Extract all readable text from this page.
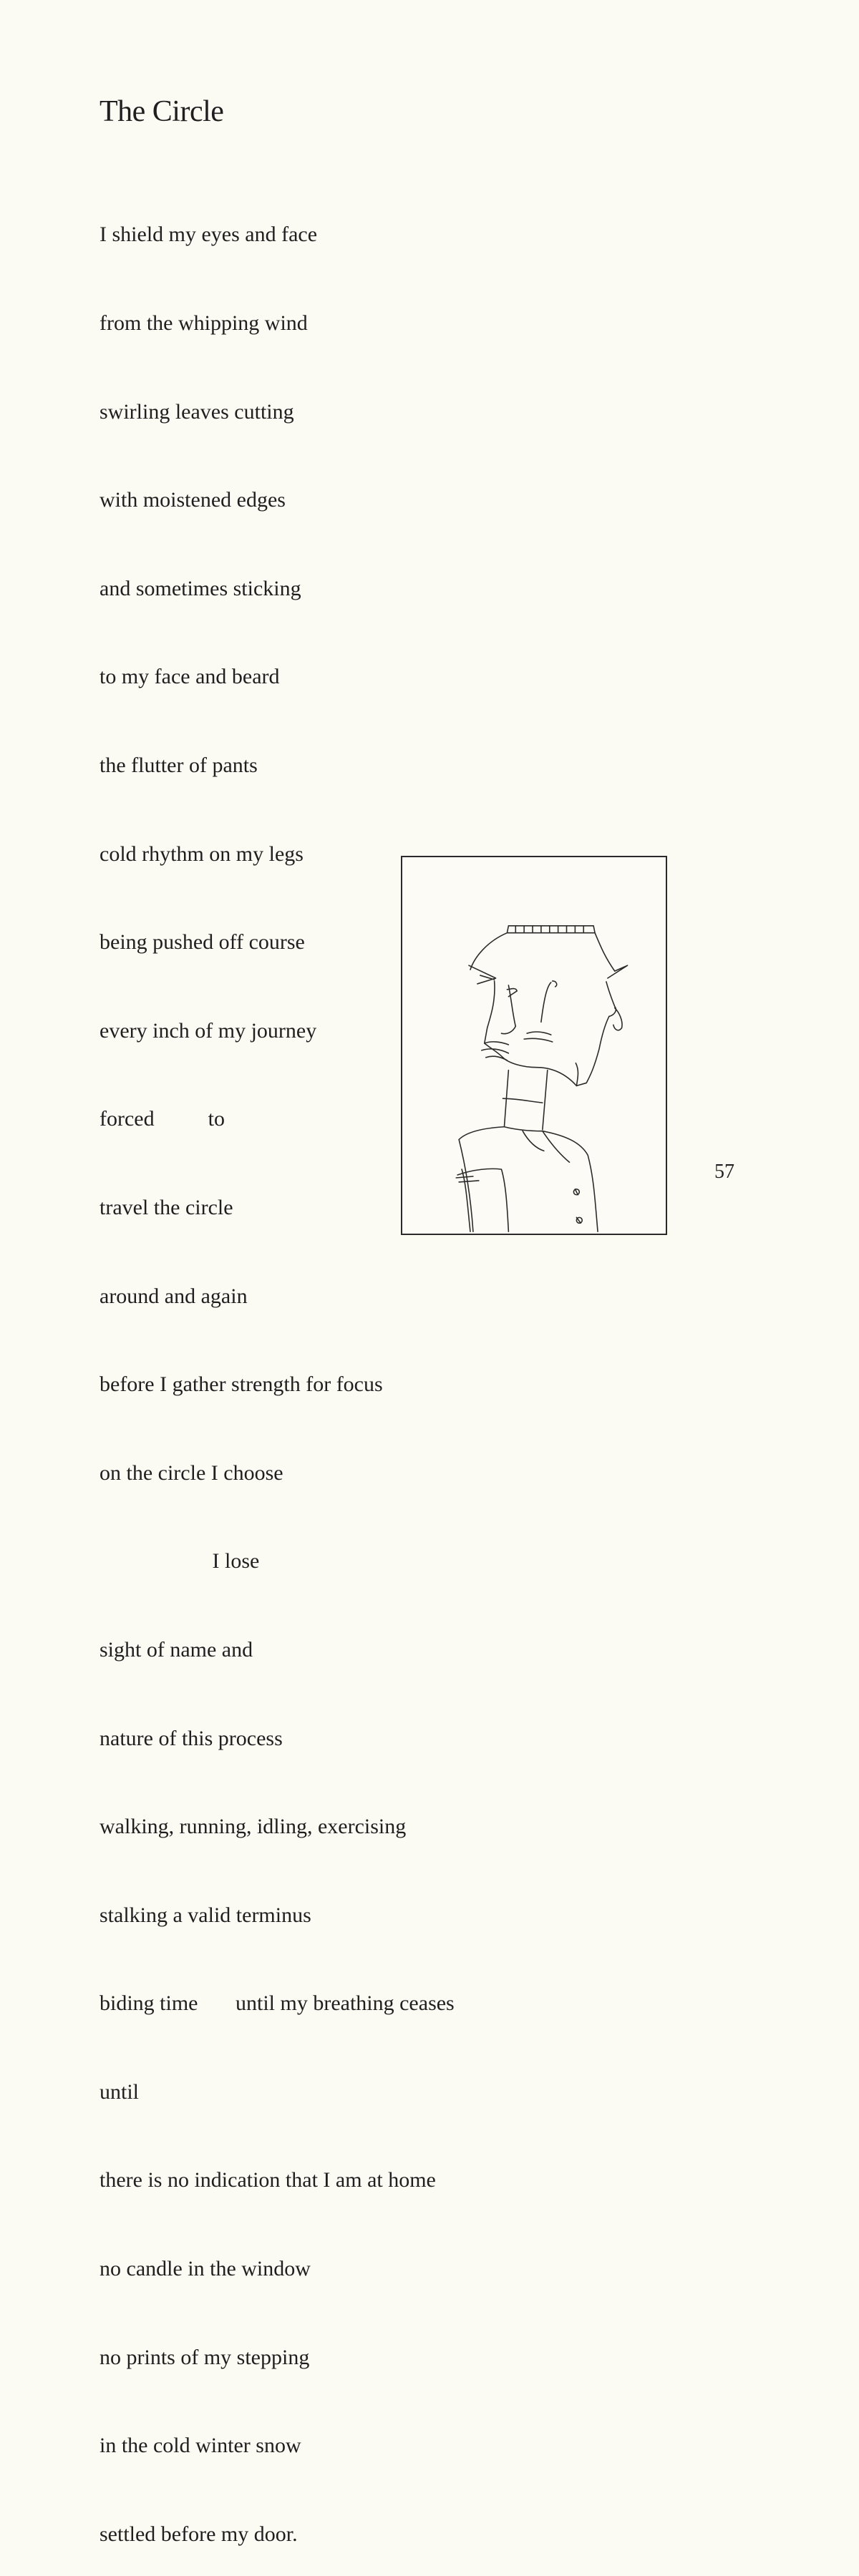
The Circle

I shield my eyes and face

from the whipping wind

swirling leaves cutting

with moistened edges

and sometimes sticking

to my face and beard

the flutter of pants

cold rhythm on my legs

being pushed off course

every inch of my journey

forced          to

travel the circle

around and again

before I gather strength for focus

on the circle I choose

I lose

sight of name and

nature of this process

walking, running, idling, exercising

stalking a valid terminus

biding time       until my breathing ceases

until

there is no indication that I am at home

no candle in the window

no prints of my stepping

in the cold winter snow

settled before my door.

57
